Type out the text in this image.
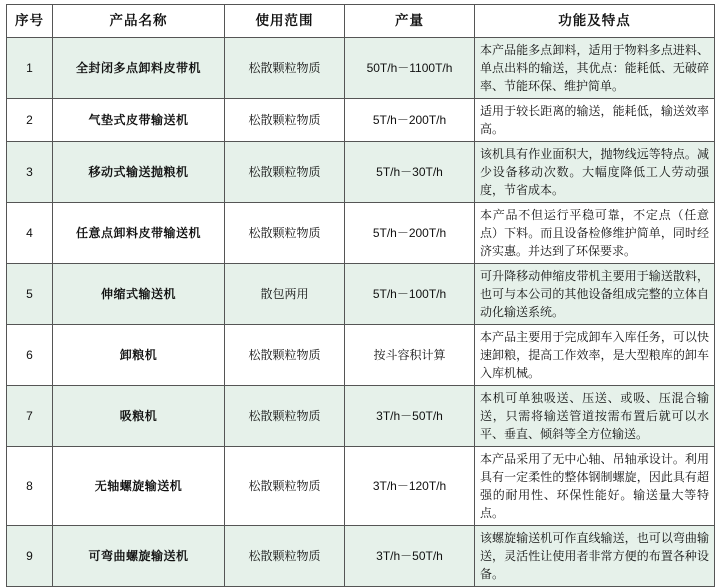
序号	产品名称	使用范围	产量	功能及特点
1	全封闭多点卸料皮带机	松散颗粒物质	50T/h－1100T/h	本产品能多点卸料，适用于物料多点进料、单点出料的输送，其优点：能耗低、无破碎率、节能环保、维护简单。
2	气垫式皮带输送机	松散颗粒物质	5T/h－200T/h	适用于较长距离的输送，能耗低，输送效率高。
3	移动式输送抛粮机	松散颗粒物质	5T/h－30T/h	该机具有作业面积大，抛物线远等特点。减少设备移动次数。大幅度降低工人劳动强度，节省成本。
4	任意点卸料皮带输送机	松散颗粒物质	5T/h－200T/h	本产品不但运行平稳可靠，不定点（任意点）下料。而且设备检修维护简单，同时经济实惠。并达到了环保要求。
5	伸缩式输送机	散包两用	5T/h－100T/h	可升降移动伸缩皮带机主要用于输送散料，也可与本公司的其他设备组成完整的立体自动化输送系统。
6	卸粮机	松散颗粒物质	按斗容积计算	本产品主要用于完成卸车入库任务，可以快速卸粮，提高工作效率，是大型粮库的卸车入库机械。
7	吸粮机	松散颗粒物质	3T/h－50T/h	本机可单独吸送、压送、或吸、压混合输送，只需将输送管道按需布置后就可以水平、垂直、倾斜等全方位输送。
8	无轴螺旋输送机	松散颗粒物质	3T/h－120T/h	本产品采用了无中心轴、吊轴承设计。利用具有一定柔性的整体钢制螺旋，因此具有超强的耐用性、环保性能好。输送量大等特点。
9	可弯曲螺旋输送机	松散颗粒物质	3T/h－50T/h	该螺旋输送机可作直线输送，也可以弯曲输送，灵活性让使用者非常方便的布置各种设备。
